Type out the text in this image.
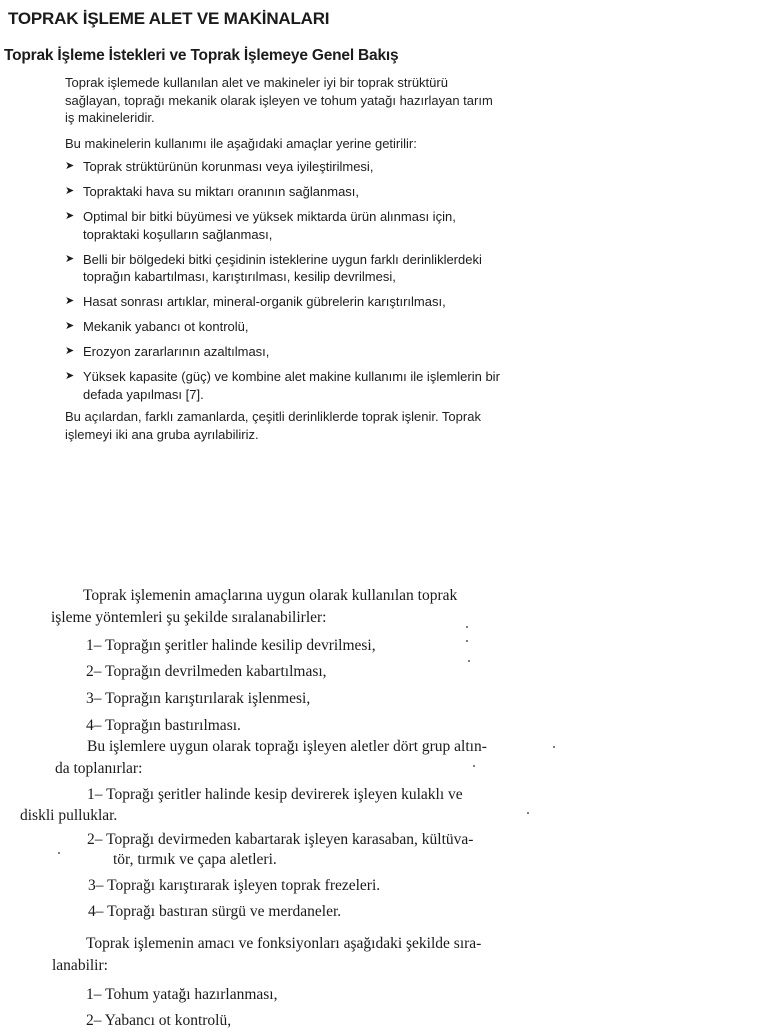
TOPRAK İŞLEME ALET VE MAKİNALARI
Toprak İşleme İstekleri ve Toprak İşlemeye Genel Bakış
Toprak işlemede kullanılan alet ve makineler iyi bir toprak strüktürü sağlayan, toprağı mekanik olarak işleyen ve tohum yatağı hazırlayan tarım iş makineleridir.
Bu makinelerin kullanımı ile aşağıdaki amaçlar yerine getirilir:
➤ Toprak strüktürünün korunması veya iyileştirilmesi,
➤ Topraktaki hava su miktarı oranının sağlanması,
➤ Optimal bir bitki büyümesi ve yüksek miktarda ürün alınması için, topraktaki koşulların sağlanması,
➤ Belli bir bölgedeki bitki çeşidinin isteklerine uygun farklı derinliklerdeki toprağın kabartılması, karıştırılması, kesilip devrilmesi,
➤ Hasat sonrası artıklar, mineral-organik gübrelerin karıştırılması,
➤ Mekanik yabancı ot kontrolü,
➤ Erozyon zararlarının azaltılması,
➤ Yüksek kapasite (güç) ve kombine alet makine kullanımı ile işlemlerin bir defada yapılması [7].
Bu açılardan, farklı zamanlarda, çeşitli derinliklerde toprak işlenir. Toprak işlemeyi iki ana gruba ayrılabiliriz.
Toprak işlemenin amaçlarına uygun olarak kullanılan toprak
işleme yöntemleri şu şekilde sıralanabilirler:
1– Toprağın şeritler halinde kesilip devrilmesi,
2– Toprağın devrilmeden kabartılması,
3– Toprağın karıştırılarak işlenmesi,
4– Toprağın bastırılması.
Bu işlemlere uygun olarak toprağı işleyen aletler dört grup altın-
da toplanırlar:
1– Toprağı şeritler halinde kesip devirerek işleyen kulaklı ve
diskli pulluklar.
2– Toprağı devirmeden kabartarak işleyen karasaban, kültüva-
tör, tırmık ve çapa aletleri.
3– Toprağı karıştırarak işleyen toprak frezeleri.
4– Toprağı bastıran sürgü ve merdaneler.
Toprak işlemenin amacı ve fonksiyonları aşağıdaki şekilde sıra-
lanabilir:
1– Tohum yatağı hazırlanması,
2– Yabancı ot kontrolü,
